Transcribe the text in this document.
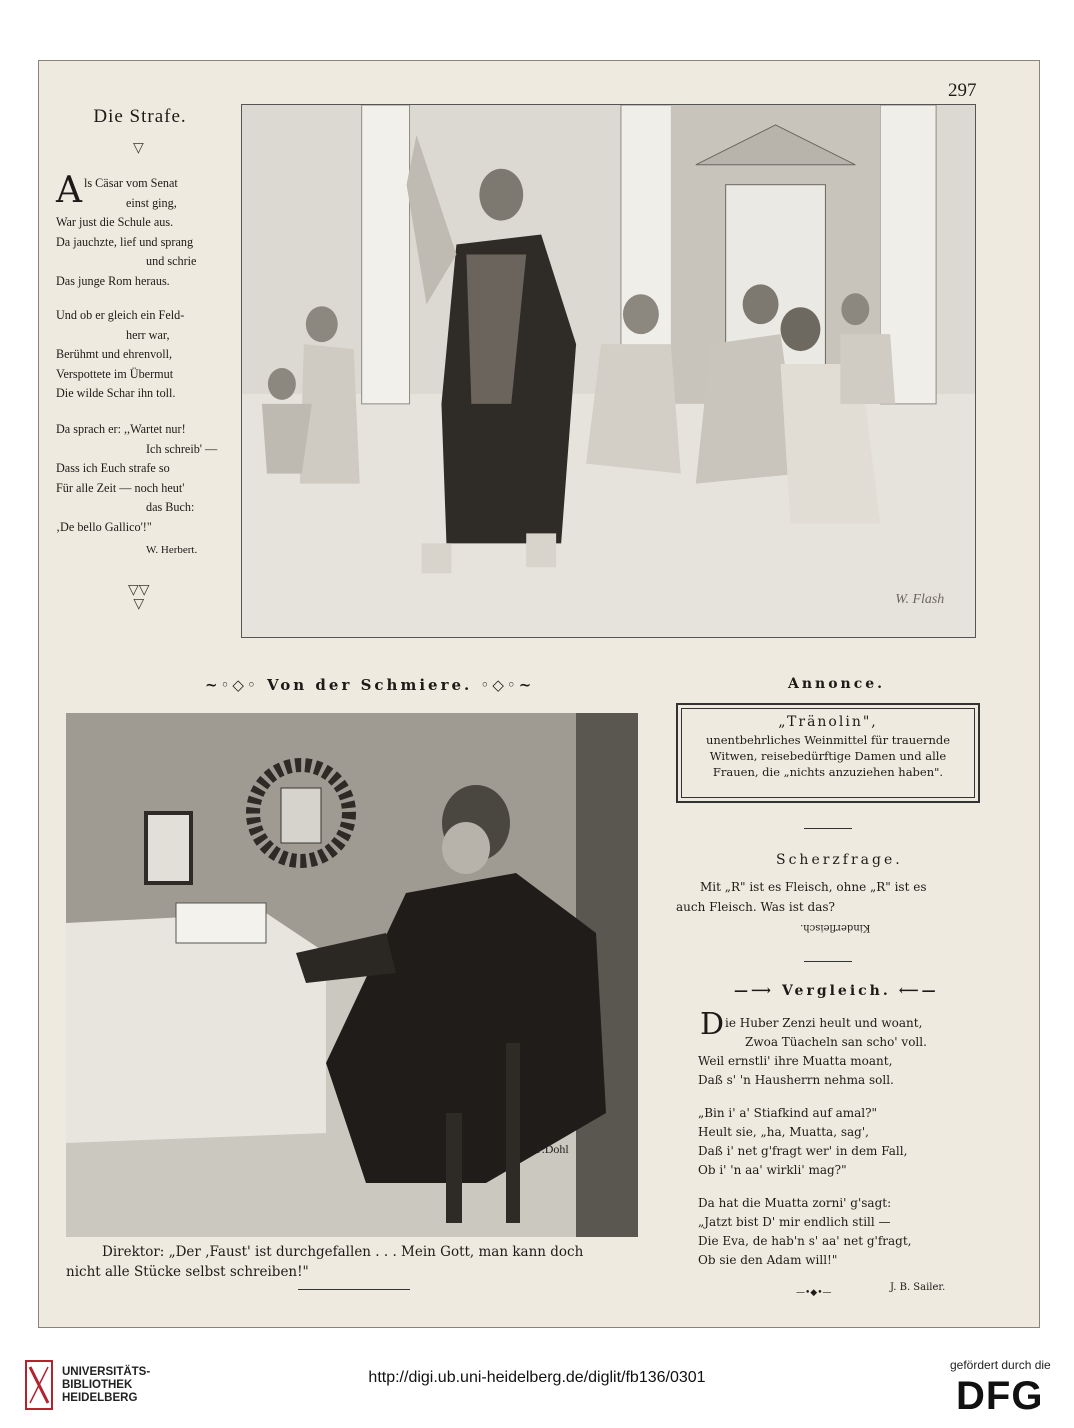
297
Die Strafe.
▽
A ls Cäsar vom Senat
einst ging,
War just die Schule aus.
Da jauchzte, lief und sprang
und schrie
Das junge Rom heraus.
Und ob er gleich ein Feld-
herr war,
Berühmt und ehrenvoll,
Verspottete im Übermut
Die wilde Schar ihn toll.
Da sprach er: ,,Wartet nur!
Ich schreib' —
Dass ich Euch strafe so
Für alle Zeit — noch heut'
das Buch:
‚De bello Gallico'!"
W. Herbert.
▽▽
▽	W. Flash
~◦◇◦ Von der Schmiere. ◦◇◦~	Annonce.
„Tränolin",
unentbehrliches Weinmittel für trauernde
Witwen, reisebedürftige Damen und alle
Frauen, die „nichts anzuziehen haben".
Scherzfrage.
Mit „R" ist es Fleisch, ohne „R" ist es
auch Fleisch. Was ist das?
Kinderfleisch.
—⟶ Vergleich. ⟵—
D ie Huber Zenzi heult und woant,
Zwoa Tüacheln san scho' voll.
Weil ernstli' ihre Muatta moant,
Daß s' 'n Hausherrn nehma soll.
„Bin i' a' Stiafkind auf amal?"
Heult sie, „ha, Muatta, sag',
Daß i' net g'fragt wer' in dem Fall,
Ob i' 'n aa' wirkli' mag?"
Da hat die Muatta zorni' g'sagt:
„Jatzt bist D' mir endlich still —
Die Eva, de hab'n s' aa' net g'fragt,
Ob sie den Adam will!"
J. B. Sailer.
—•◆•—
F.Dohl
Direktor: „Der ‚Faust' ist durchgefallen . . . Mein Gott, man kann doch
nicht alle Stücke selbst schreiben!"
UNIVERSITÄTS-
BIBLIOTHEK
HEIDELBERG
http://digi.ub.uni-heidelberg.de/diglit/fb136/0301
gefördert durch die
DFG
